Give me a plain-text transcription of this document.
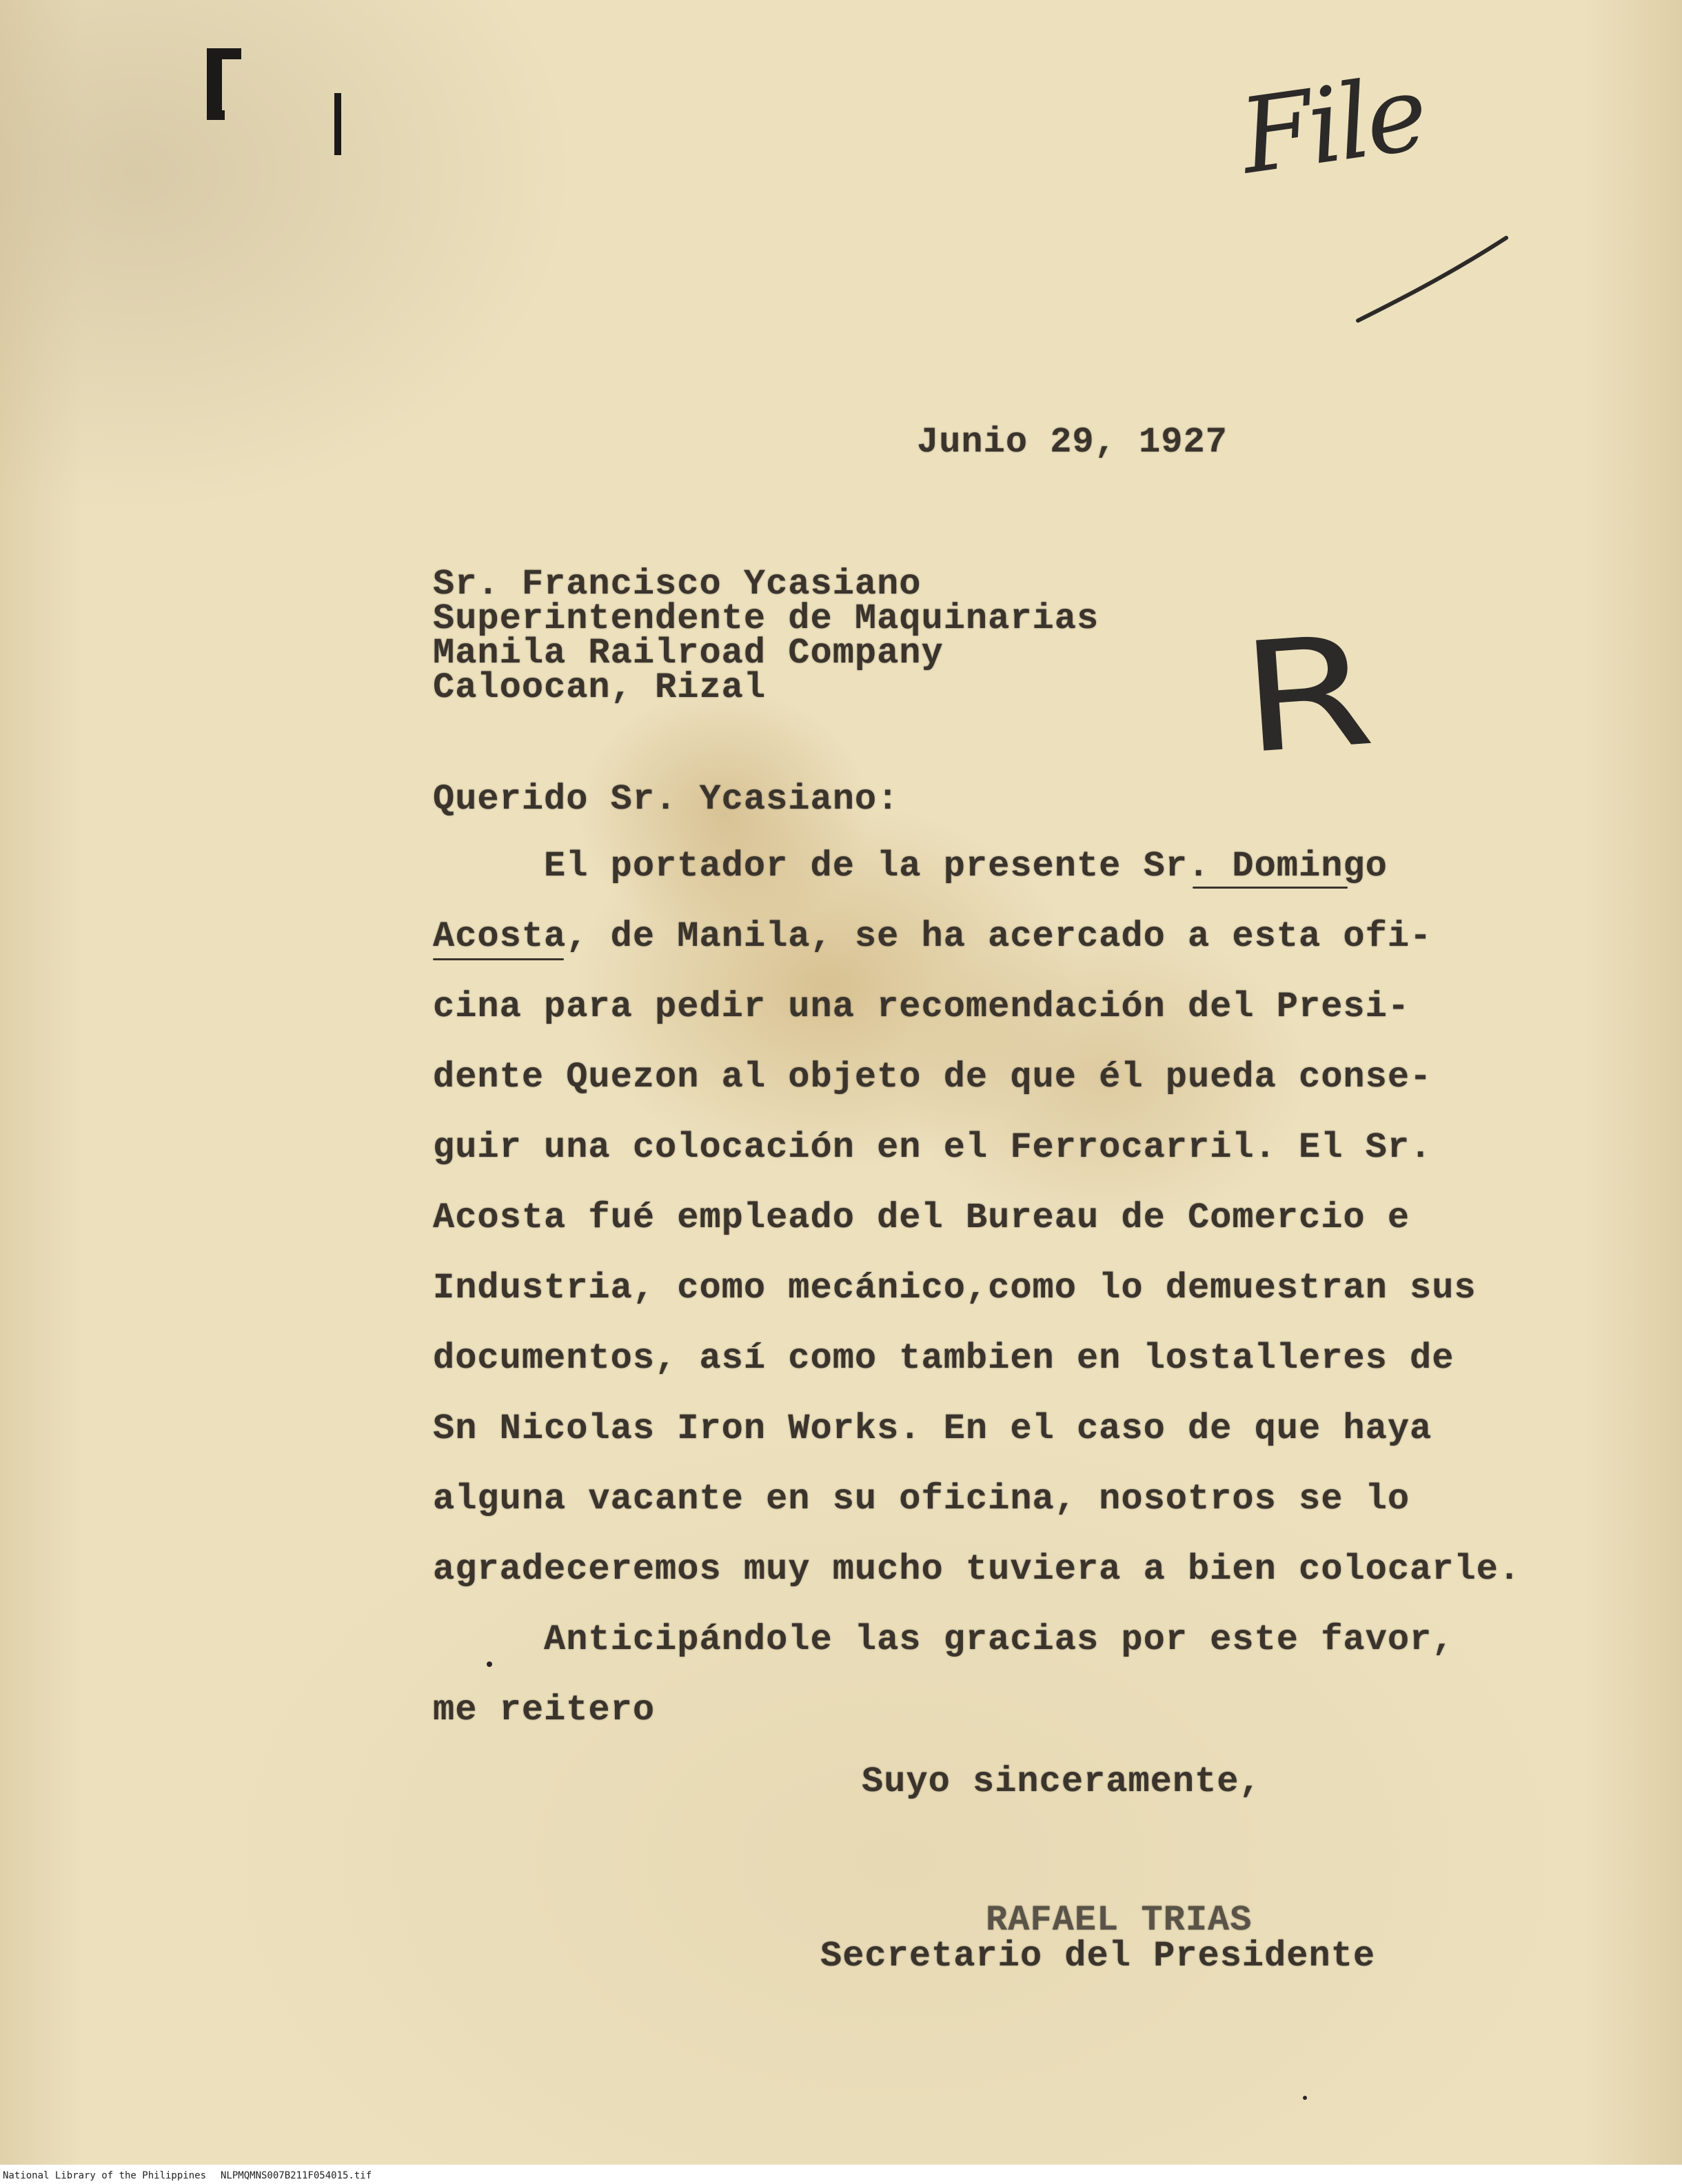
File
Junio 29, 1927
Sr. Francisco Ycasiano
Superintendente de Maquinarias
Manila Railroad Company
Caloocan, Rizal	R
Querido Sr. Ycasiano:
El portador de la presente Sr. Domingo
Acosta, de Manila, se ha acercado a esta ofi-
cina para pedir una recomendación del Presi-
dente Quezon al objeto de que él pueda conse-
guir una colocación en el Ferrocarril. El Sr.
Acosta fué empleado del Bureau de Comercio e
Industria, como mecánico,como lo demuestran sus
documentos, así como tambien en lostalleres de
Sn Nicolas Iron Works. En el caso de que haya
alguna vacante en su oficina, nosotros se lo
agradeceremos muy mucho tuviera a bien colocarle.
Anticipándole las gracias por este favor,
me reitero
Suyo sinceramente,
RAFAEL TRIAS
Secretario del Presidente
National Library of the Philippines NLPMQMNS007B211F054015.tif
